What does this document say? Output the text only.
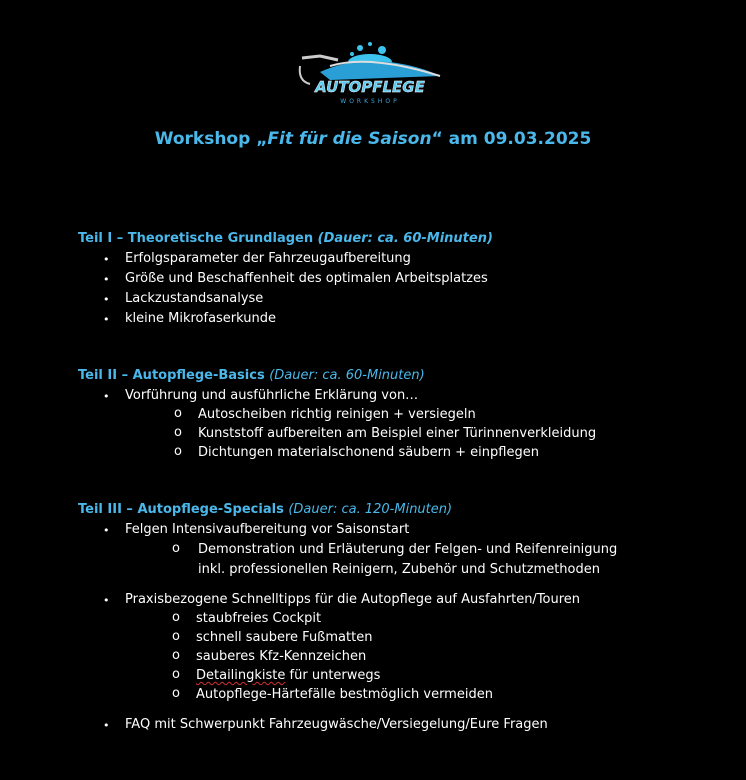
AUTOPFLEGE
WORKSHOP
Workshop „Fit für die Saison“ am 09.03.2025
Teil I – Theoretische Grundlagen (Dauer: ca. 60-Minuten)
• Erfolgsparameter der Fahrzeugaufbereitung
• Größe und Beschaffenheit des optimalen Arbeitsplatzes
• Lackzustandsanalyse
• kleine Mikrofaserkunde
Teil II – Autopflege-Basics (Dauer: ca. 60-Minuten)
• Vorführung und ausführliche Erklärung von…
o Autoscheiben richtig reinigen + versiegeln
o Kunststoff aufbereiten am Beispiel einer Türinnenverkleidung
o Dichtungen materialschonend säubern + einpflegen
Teil III – Autopflege-Specials (Dauer: ca. 120-Minuten)
• Felgen Intensivaufbereitung vor Saisonstart
o Demonstration und Erläuterung der Felgen- und Reifenreinigung
inkl. professionellen Reinigern, Zubehör und Schutzmethoden
• Praxisbezogene Schnelltipps für die Autopflege auf Ausfahrten/Touren
o staubfreies Cockpit
o schnell saubere Fußmatten
o sauberes Kfz-Kennzeichen
o Detailingkiste für unterwegs
o Autopflege-Härtefälle bestmöglich vermeiden
• FAQ mit Schwerpunkt Fahrzeugwäsche/Versiegelung/Eure Fragen
